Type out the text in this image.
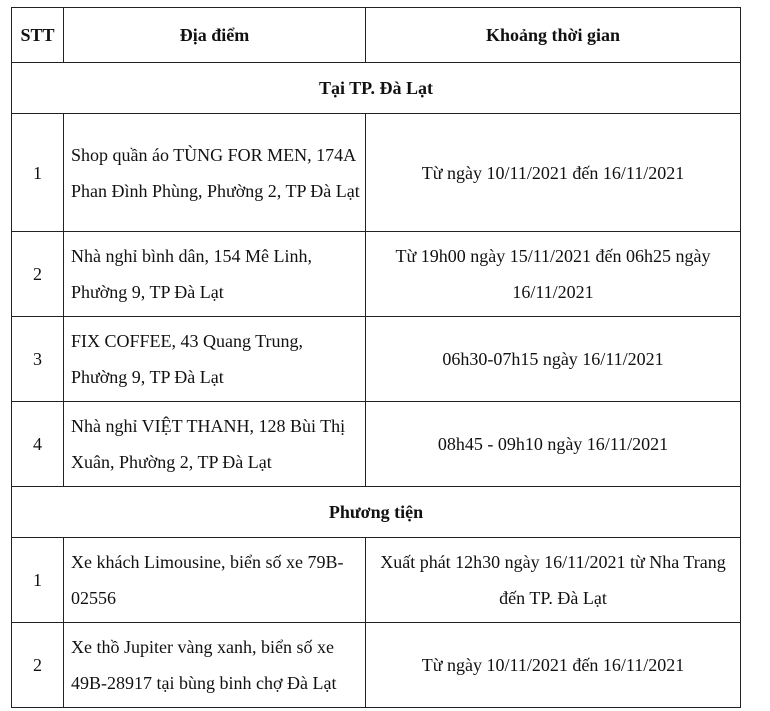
STT	Địa điểm	Khoảng thời gian
Tại TP. Đà Lạt		
1	Shop quần áo TÙNG FOR MEN, 174A Phan Đình Phùng, Phường 2, TP Đà Lạt	Từ ngày 10/11/2021 đến 16/11/2021
2	Nhà nghỉ bình dân, 154 Mê Linh, Phường 9, TP Đà Lạt	Từ 19h00 ngày 15/11/2021 đến 06h25 ngày 16/11/2021
3	FIX COFFEE, 43 Quang Trung, Phường 9, TP Đà Lạt	06h30-07h15 ngày 16/11/2021
4	Nhà nghỉ VIỆT THANH, 128 Bùi Thị Xuân, Phường 2, TP Đà Lạt	08h45 - 09h10 ngày 16/11/2021
Phương tiện		
1	Xe khách Limousine, biển số xe 79B-02556	Xuất phát 12h30 ngày 16/11/2021 từ Nha Trang đến TP. Đà Lạt
2	Xe thồ Jupiter vàng xanh, biển số xe 49B-28917 tại bùng binh chợ Đà Lạt	Từ ngày 10/11/2021 đến 16/11/2021
